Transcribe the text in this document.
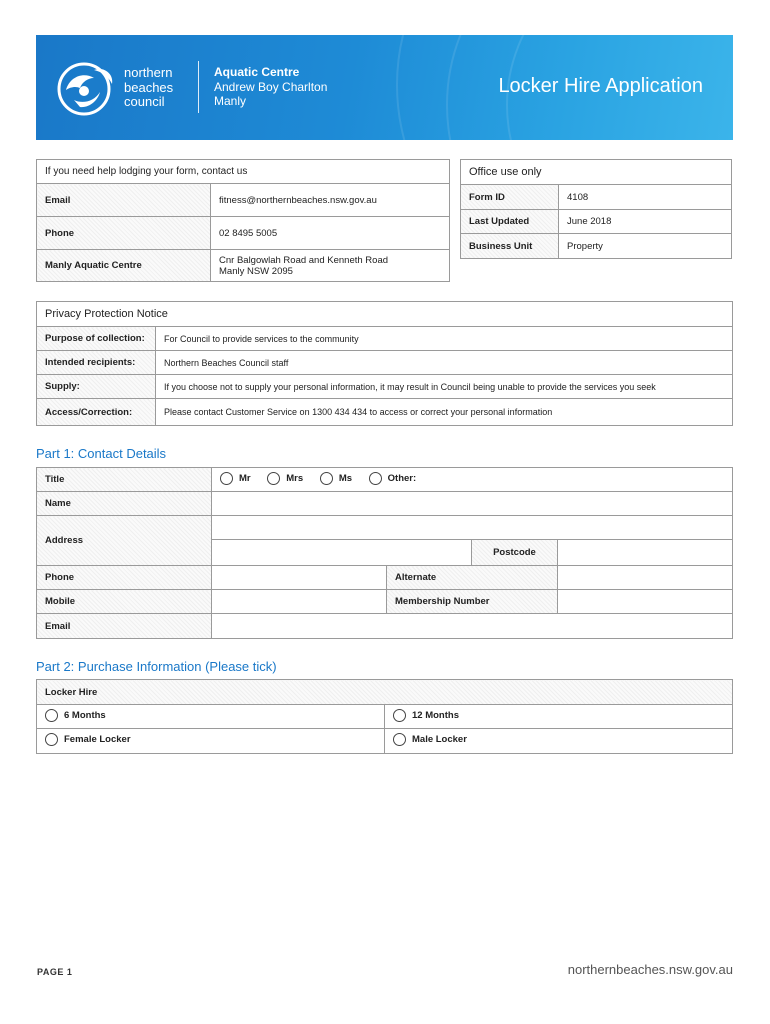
northern
beaches
council
Aquatic Centre
Andrew Boy Charlton
Manly
Locker Hire Application
If you need help lodging your form, contact us	
Email	fitness@northernbeaches.nsw.gov.au
Phone	02 8495 5005
Manly Aquatic Centre	Cnr Balgowlah Road and Kenneth Road
Manly NSW 2095
Office use only	
Form ID	4108
Last Updated	June 2018
Business Unit	Property
Privacy Protection Notice	
Purpose of collection:	For Council to provide services to the community
Intended recipients:	Northern Beaches Council staff
Supply:	If you choose not to supply your personal information, it may result in Council being unable to provide the services you seek
Access/Correction:	Please contact Customer Service on 1300 434 434 to access or correct your personal information
Part 1: Contact Details
Title	Mr
Mrs
Ms
Other:		

Name			
Address			

Postcode		

Phone		Alternate	
Mobile		Membership Number	
Email			
Part 2: Purchase Information (Please tick)
Locker Hire	

6 Months	12 Months

Female Locker	Male Locker
PAGE 1	northernbeaches.nsw.gov.au
